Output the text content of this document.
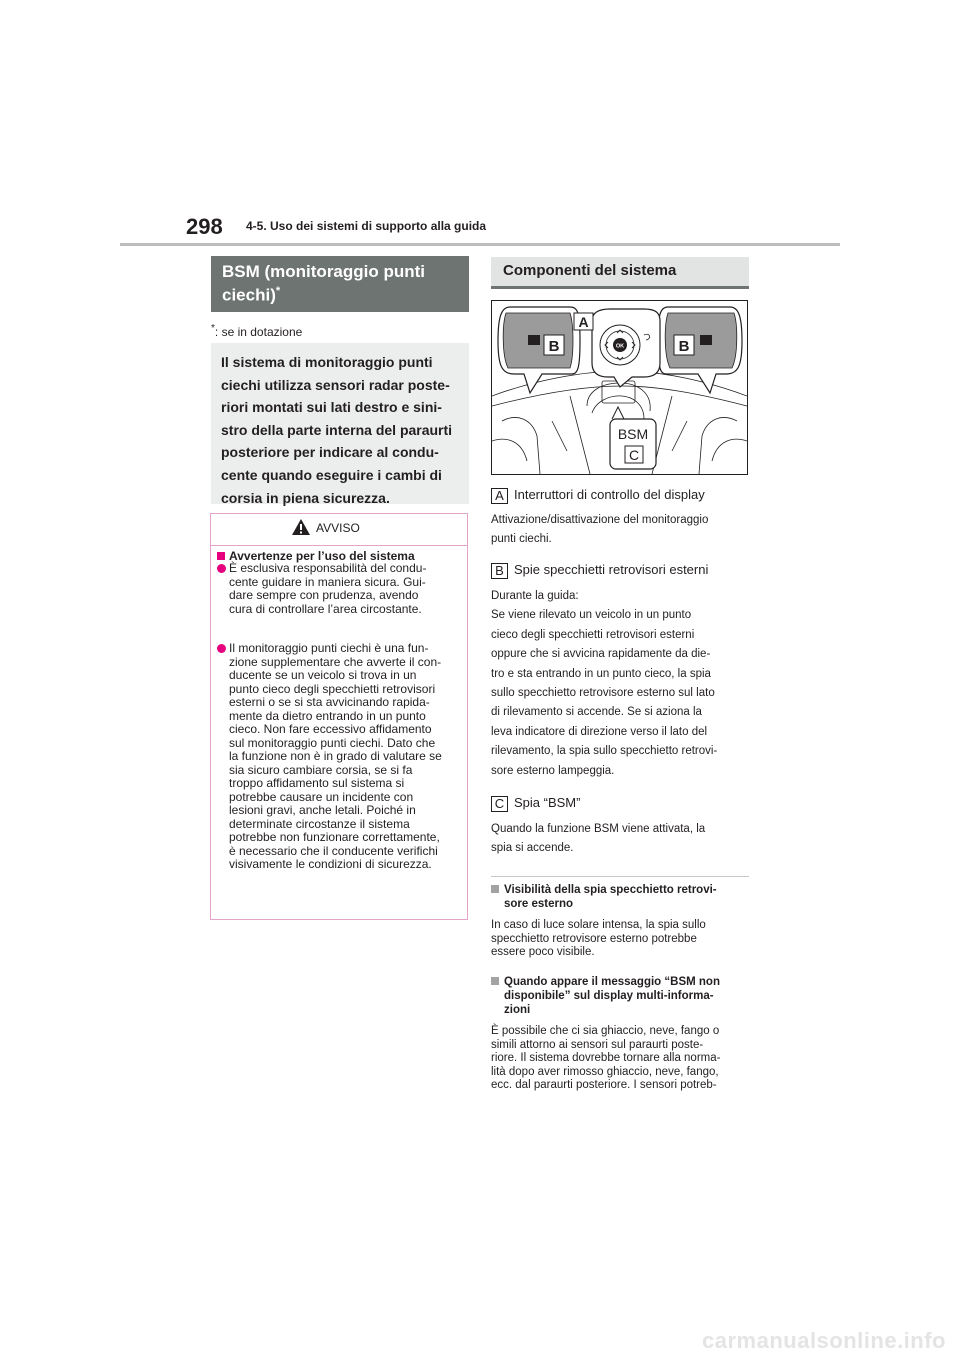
298 4-5. Uso dei sistemi di supporto alla guida
BSM (monitoraggio punti
ciechi)*
*: se in dotazione
Il sistema di monitoraggio punti
ciechi utilizza sensori radar poste-
riori montati sui lati destro e sini-
stro della parte interna del paraurti
posteriore per indicare al condu-
cente quando eseguire i cambi di
corsia in piena sicurezza.
AVVISO
Avvertenze per l’uso del sistema
È esclusiva responsabilità del condu-
cente guidare in maniera sicura. Gui-
dare sempre con prudenza, avendo
cura di controllare l’area circostante.
Il monitoraggio punti ciechi è una fun-
zione supplementare che avverte il con-
ducente se un veicolo si trova in un
punto cieco degli specchietti retrovisori
esterni o se si sta avvicinando rapida-
mente da dietro entrando in un punto
cieco. Non fare eccessivo affidamento
sul monitoraggio punti ciechi. Dato che
la funzione non è in grado di valutare se
sia sicuro cambiare corsia, se si fa
troppo affidamento sul sistema si
potrebbe causare un incidente con
lesioni gravi, anche letali. Poiché in
determinate circostanze il sistema
potrebbe non funzionare correttamente,
è necessario che il conducente verifichi
visivamente le condizioni di sicurezza.
Componenti del sistema
B	B
OK
A
BSM
C
A Interruttori di controllo del display
Attivazione/disattivazione del monitoraggio
punti ciechi.
B Spie specchietti retrovisori esterni
Durante la guida:
Se viene rilevato un veicolo in un punto
cieco degli specchietti retrovisori esterni
oppure che si avvicina rapidamente da die-
tro e sta entrando in un punto cieco, la spia
sullo specchietto retrovisore esterno sul lato
di rilevamento si accende. Se si aziona la
leva indicatore di direzione verso il lato del
rilevamento, la spia sullo specchietto retrovi-
sore esterno lampeggia.
C Spia “BSM”
Quando la funzione BSM viene attivata, la
spia si accende.
Visibilità della spia specchietto retrovi-
sore esterno
In caso di luce solare intensa, la spia sullo
specchietto retrovisore esterno potrebbe
essere poco visibile.
Quando appare il messaggio “BSM non
disponibile” sul display multi-informa-
zioni
È possibile che ci sia ghiaccio, neve, fango o
simili attorno ai sensori sul paraurti poste-
riore. Il sistema dovrebbe tornare alla norma-
lità dopo aver rimosso ghiaccio, neve, fango,
ecc. dal paraurti posteriore. I sensori potreb-
carmanualsonline.info
